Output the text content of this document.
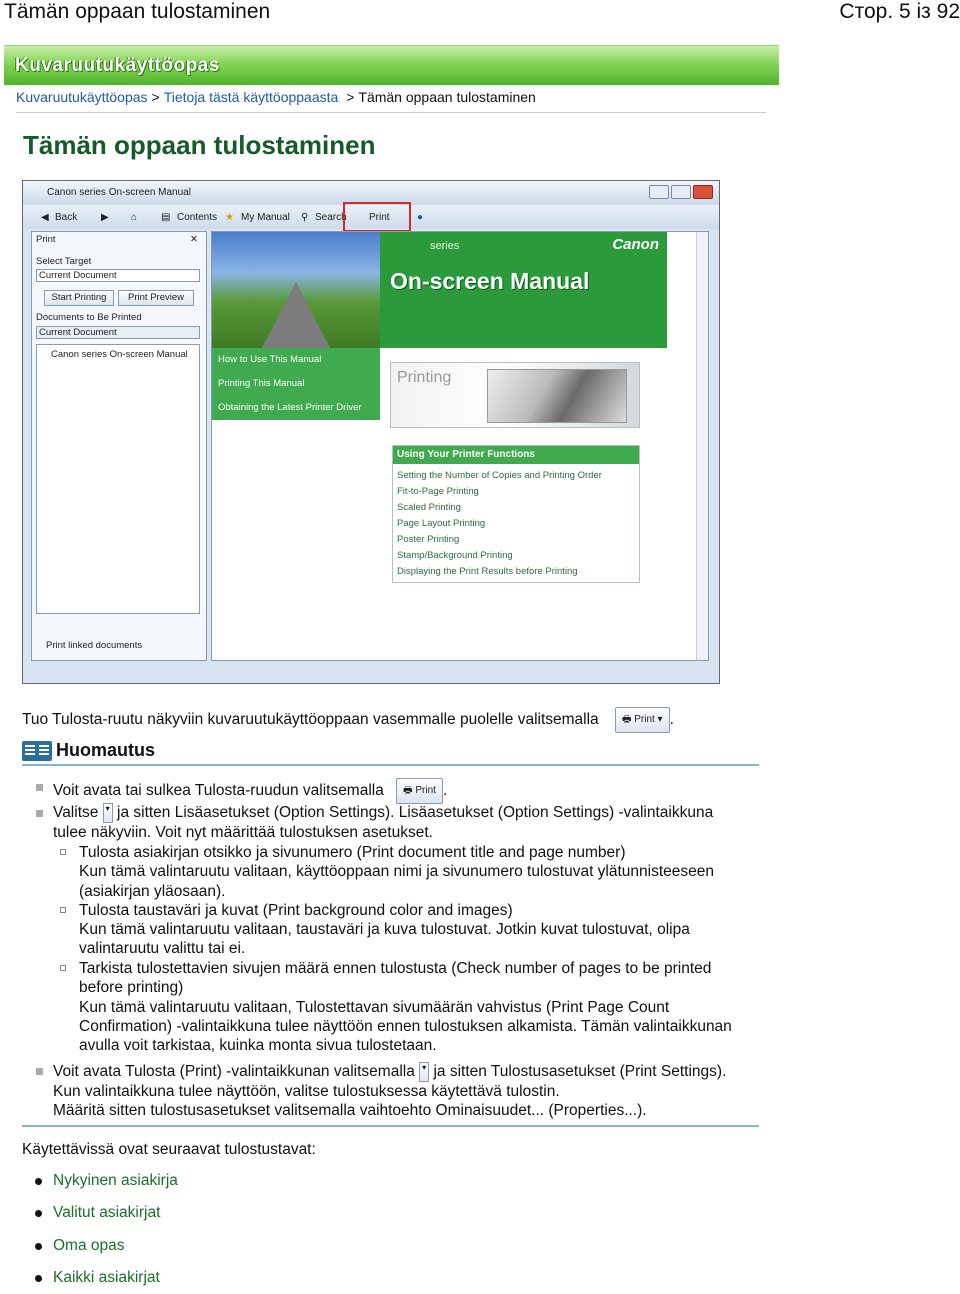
Tämän oppaan tulostaminen	Стор. 5 із 92
Kuvaruutukäyttöopas
Kuvaruutukäyttöopas > Tietoja tästä käyttöoppaasta > Tämän oppaan tulostaminen
Tämän oppaan tulostaminen
Canon series On-screen Manual
◀ Back ▶ ⌂ ▤ Contents ★ My Manual ⚲ Search Print	●
Print	✕
Select Target
Current Document
Start Printing	Print Preview
Documents to Be Printed
Current Document
Canon series On-screen Manual
Print linked documents
series	Canon
On-screen Manual
How to Use This Manual
Printing This Manual
Obtaining the Latest Printer Driver
Printing
Using Your Printer Functions
Setting the Number of Copies and Printing Order
Fit-to-Page Printing
Scaled Printing
Page Layout Printing
Poster Printing
Stamp/Background Printing
Displaying the Print Results before Printing
Tuo Tulosta-ruutu näkyviin kuvaruutukäyttöoppaan vasemmalle puolelle valitsemalla 🖶 Print ▾ .
Huomautus
Voit avata tai sulkea Tulosta-ruudun valitsemalla 🖶 Print .
Valitse ▾ ja sitten Lisäasetukset (Option Settings). Lisäasetukset (Option Settings) -valintaikkuna
tulee näkyviin. Voit nyt määrittää tulostuksen asetukset.
Tulosta asiakirjan otsikko ja sivunumero (Print document title and page number)
Kun tämä valintaruutu valitaan, käyttöoppaan nimi ja sivunumero tulostuvat ylätunnisteeseen
(asiakirjan yläosaan).
Tulosta taustaväri ja kuvat (Print background color and images)
Kun tämä valintaruutu valitaan, taustaväri ja kuva tulostuvat. Jotkin kuvat tulostuvat, olipa
valintaruutu valittu tai ei.
Tarkista tulostettavien sivujen määrä ennen tulostusta (Check number of pages to be printed
before printing)
Kun tämä valintaruutu valitaan, Tulostettavan sivumäärän vahvistus (Print Page Count
Confirmation) -valintaikkuna tulee näyttöön ennen tulostuksen alkamista. Tämän valintaikkunan
avulla voit tarkistaa, kuinka monta sivua tulostetaan.
Voit avata Tulosta (Print) -valintaikkunan valitsemalla ▾ ja sitten Tulostusasetukset (Print Settings).
Kun valintaikkuna tulee näyttöön, valitse tulostuksessa käytettävä tulostin.
Määritä sitten tulostusasetukset valitsemalla vaihtoehto Ominaisuudet... (Properties...).
Käytettävissä ovat seuraavat tulostustavat:
Nykyinen asiakirja
Valitut asiakirjat
Oma opas
Kaikki asiakirjat
